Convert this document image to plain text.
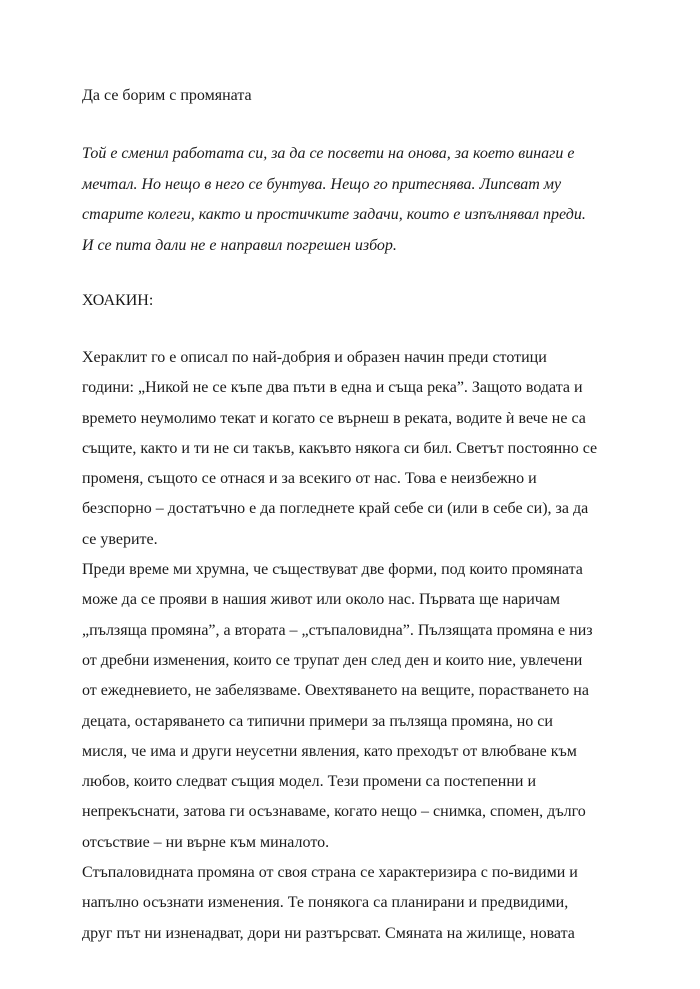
Да се борим с промяната
Той е сменил работата си, за да се посвети на онова, за което винаги е
мечтал. Но нещо в него се бунтува. Нещо го притеснява. Липсват му
старите колеги, както и простичките задачи, които е изпълнявал преди.
И се пита дали не е направил погрешен избор.

ХОАКИН:

Хераклит го е описал по най-добрия и образен начин преди стотици
години: „Никой не се къпе два пъти в една и съща река”. Защото водата и
времето неумолимо текат и когато се върнеш в реката, водите ѝ вече не са
същите, както и ти не си такъв, какъвто някога си бил. Светът постоянно се
променя, същото се отнася и за всекиго от нас. Това е неизбежно и
безспорно – достатъчно е да погледнете край себе си (или в себе си), за да
се уверите.
Преди време ми хрумна, че съществуват две форми, под които промяната
може да се прояви в нашия живот или около нас. Първата ще наричам
„пълзяща промяна”, а втората – „стъпаловидна”. Пълзящата промяна е низ
от дребни изменения, които се трупат ден след ден и които ние, увлечени
от ежедневието, не забелязваме. Овехтяването на вещите, порастването на
децата, остаряването са типични примери за пълзяща промяна, но си
мисля, че има и други неусетни явления, като преходът от влюбване към
любов, които следват същия модел. Тези промени са постепенни и
непрекъснати, затова ги осъзнаваме, когато нещо – снимка, спомен, дълго
отсъствие – ни върне към миналото.
Стъпаловидната промяна от своя страна се характеризира с по-видими и
напълно осъзнати изменения. Те понякога са планирани и предвидими,
друг път ни изненадват, дори ни разтърсват. Смяната на жилище, новата
